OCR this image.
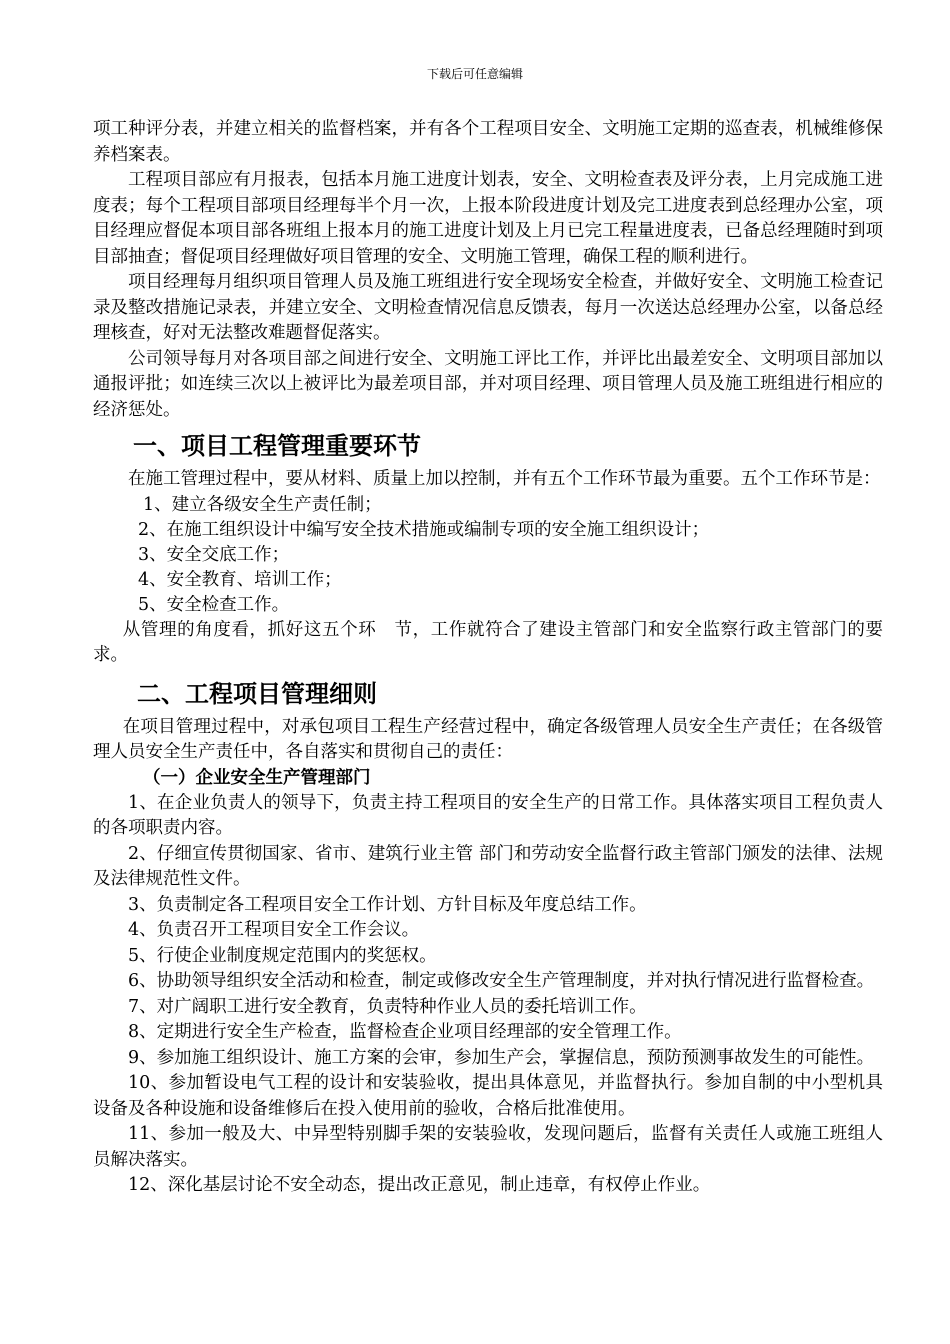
下载后可任意编辑
项工种评分表，并建立相关的监督档案，并有各个工程项目安全、文明施工定期的巡查表，机械维修保养档案表。
工程项目部应有月报表，包括本月施工进度计划表，安全、文明检查表及评分表，上月完成施工进度表；每个工程项目部项目经理每半个月一次，上报本阶段进度计划及完工进度表到总经理办公室，项目经理应督促本项目部各班组上报本月的施工进度计划及上月已完工程量进度表，已备总经理随时到项目部抽查；督促项目经理做好项目管理的安全、文明施工管理，确保工程的顺利进行。
项目经理每月组织项目管理人员及施工班组进行安全现场安全检查，并做好安全、文明施工检查记录及整改措施记录表，并建立安全、文明检查情况信息反馈表，每月一次送达总经理办公室，以备总经理核查，好对无法整改难题督促落实。
公司领导每月对各项目部之间进行安全、文明施工评比工作，并评比出最差安全、文明项目部加以通报评批；如连续三次以上被评比为最差项目部，并对项目经理、项目管理人员及施工班组进行相应的经济惩处。
一、项目工程管理重要环节
在施工管理过程中，要从材料、质量上加以控制，并有五个工作环节最为重要。五个工作环节是：
1、建立各级安全生产责任制；
2、在施工组织设计中编写安全技术措施或编制专项的安全施工组织设计；
3、安全交底工作；
4、安全教育、培训工作；
5、安全检查工作。
从管理的角度看，抓好这五个环　节，工作就符合了建设主管部门和安全监察行政主管部门的要求。
二、工程项目管理细则
在项目管理过程中，对承包项目工程生产经营过程中，确定各级管理人员安全生产责任；在各级管理人员安全生产责任中，各自落实和贯彻自己的责任：
（一）企业安全生产管理部门
1、在企业负责人的领导下，负责主持工程项目的安全生产的日常工作。具体落实项目工程负责人的各项职责内容。
2、仔细宣传贯彻国家、省市、建筑行业主管 部门和劳动安全监督行政主管部门颁发的法律、法规及法律规范性文件。
3、负责制定各工程项目安全工作计划、方针目标及年度总结工作。
4、负责召开工程项目安全工作会议。
5、行使企业制度规定范围内的奖惩权。
6、协助领导组织安全活动和检查，制定或修改安全生产管理制度，并对执行情况进行监督检查。
7、对广阔职工进行安全教育，负责特种作业人员的委托培训工作。
8、定期进行安全生产检查，监督检查企业项目经理部的安全管理工作。
9、参加施工组织设计、施工方案的会审，参加生产会，掌握信息，预防预测事故发生的可能性。
10、参加暂设电气工程的设计和安装验收，提出具体意见，并监督执行。参加自制的中小型机具设备及各种设施和设备维修后在投入使用前的验收，合格后批准使用。
11、参加一般及大、中异型特别脚手架的安装验收，发现问题后，监督有关责任人或施工班组人员解决落实。
12、深化基层讨论不安全动态，提出改正意见，制止违章，有权停止作业。
